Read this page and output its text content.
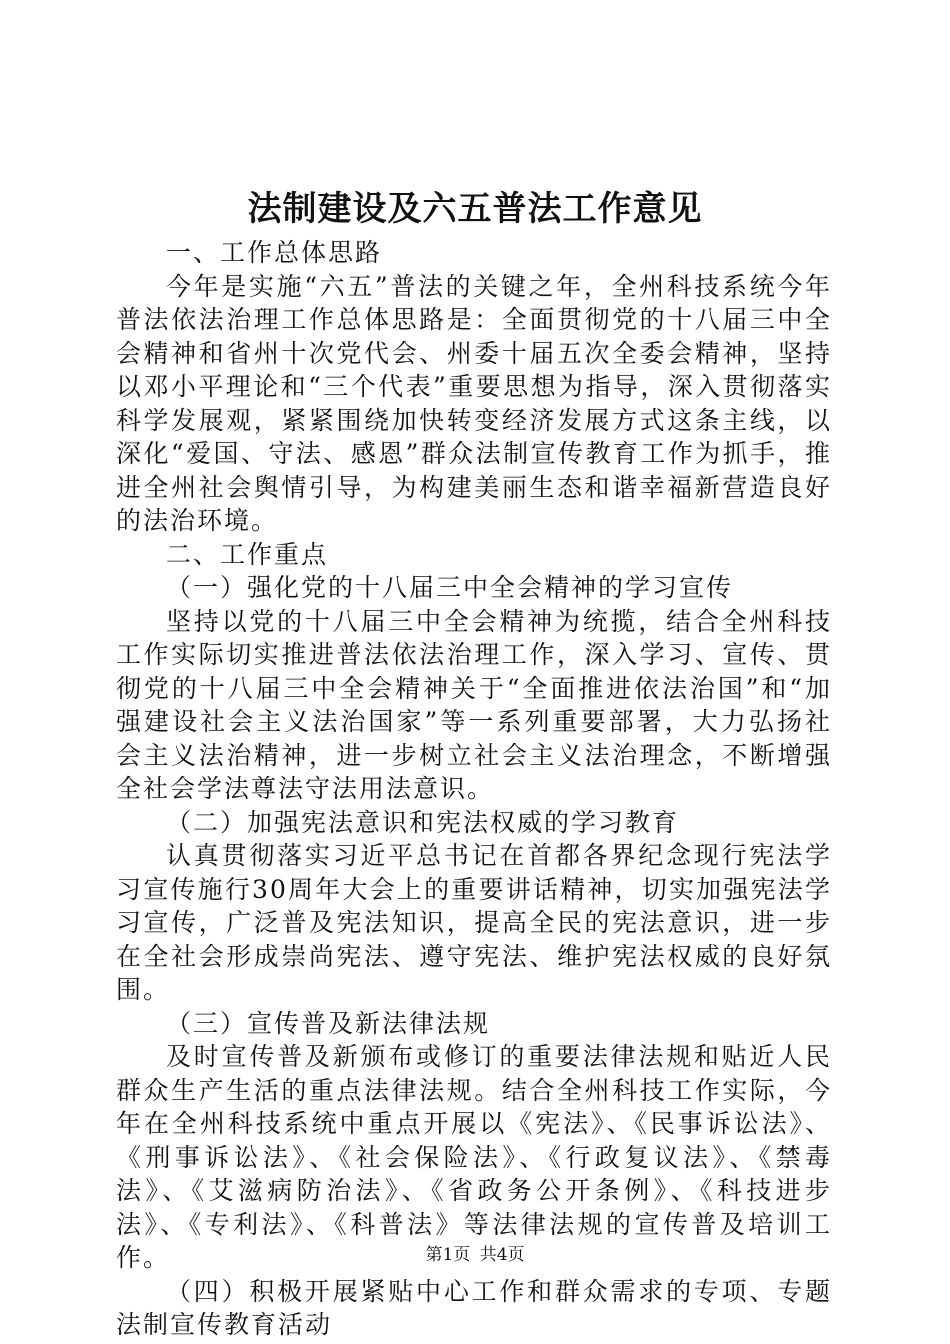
法制建设及六五普法工作意见

一、工作总体思路

今年是实施“六五”普法的关键之年，全州科技系统今年普法依法治理工作总体思路是：全面贯彻党的十八届三中全会精神和省州十次党代会、州委十届五次全委会精神，坚持以邓小平理论和“三个代表”重要思想为指导，深入贯彻落实科学发展观，紧紧围绕加快转变经济发展方式这条主线，以深化“爱国、守法、感恩”群众法制宣传教育工作为抓手，推进全州社会舆情引导，为构建美丽生态和谐幸福新营造良好的法治环境。

二、工作重点

（一）强化党的十八届三中全会精神的学习宣传

坚持以党的十八届三中全会精神为统揽，结合全州科技工作实际切实推进普法依法治理工作，深入学习、宣传、贯彻党的十八届三中全会精神关于“全面推进依法治国”和“加强建设社会主义法治国家”等一系列重要部署，大力弘扬社会主义法治精神，进一步树立社会主义法治理念，不断增强全社会学法尊法守法用法意识。

（二）加强宪法意识和宪法权威的学习教育

认真贯彻落实习近平总书记在首都各界纪念现行宪法学习宣传施行30周年大会上的重要讲话精神，切实加强宪法学习宣传，广泛普及宪法知识，提高全民的宪法意识，进一步在全社会形成崇尚宪法、遵守宪法、维护宪法权威的良好氛围。

（三）宣传普及新法律法规

及时宣传普及新颁布或修订的重要法律法规和贴近人民群众生产生活的重点法律法规。结合全州科技工作实际，今年在全州科技系统中重点开展以《宪法》、《民事诉讼法》、《刑事诉讼法》、《社会保险法》、《行政复议法》、《禁毒法》、《艾滋病防治法》、《省政务公开条例》、《科技进步法》、《专利法》、《科普法》等法律法规的宣传普及培训工作。

（四）积极开展紧贴中心工作和群众需求的专项、专题法制宣传教育活动

第1页 共4页
